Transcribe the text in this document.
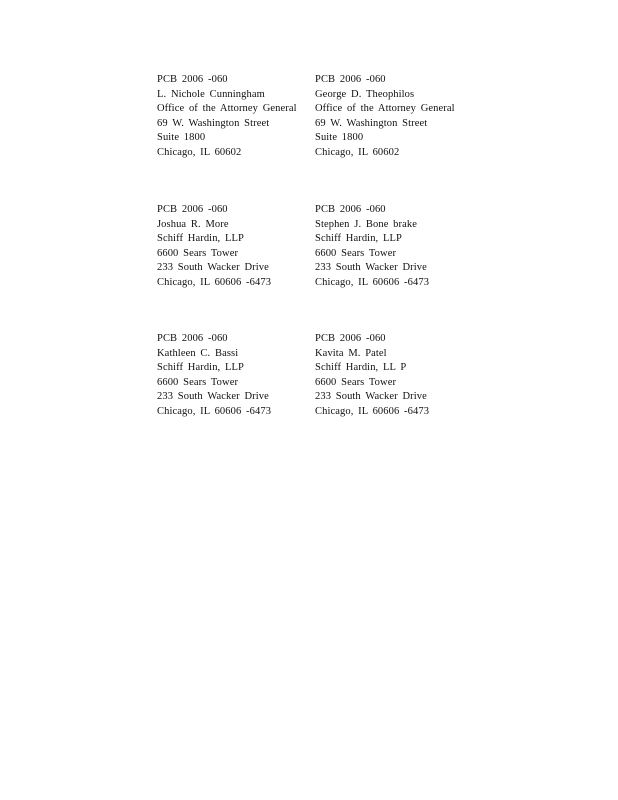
PCB 2006 -060
L. Nichole Cunningham
Office of the Attorney General
69 W. Washington Street
Suite 1800
Chicago, IL 60602
PCB 2006 -060
George D. Theophilos
Office of the Attorney General
69 W. Washington Street
Suite 1800
Chicago, IL 60602
PCB 2006 -060
Joshua R. More
Schiff Hardin, LLP
6600 Sears Tower
233 South Wacker Drive
Chicago, IL 60606 -6473
PCB 2006 -060
Stephen J. Bone brake
Schiff Hardin, LLP
6600 Sears Tower
233 South Wacker Drive
Chicago, IL 60606 -6473
PCB 2006 -060
Kathleen C. Bassi
Schiff Hardin, LLP
6600 Sears Tower
233 South Wacker Drive
Chicago, IL 60606 -6473
PCB 2006 -060
Kavita M. Patel
Schiff Hardin, LL P
6600 Sears Tower
233 South Wacker Drive
Chicago, IL 60606 -6473
